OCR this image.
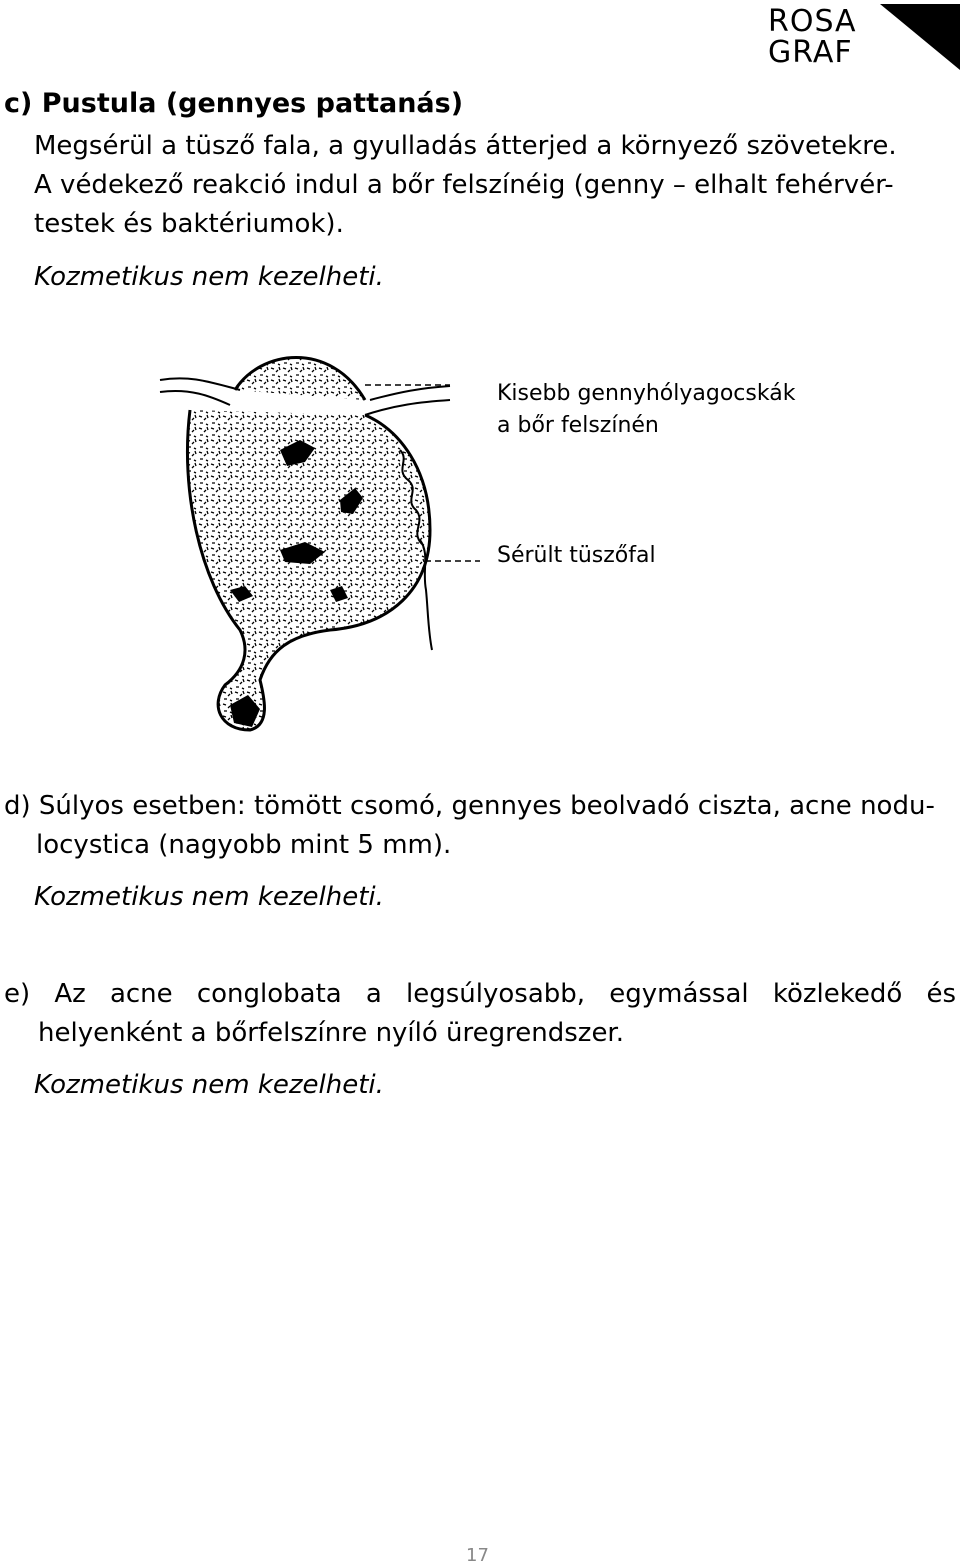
ROSA
GRAF
c) Pustula (gennyes pattanás)
Megsérül a tüsző fala, a gyulladás átterjed a környező szövetekre.
A védekező reakció indul a bőr felszínéig (genny – elhalt fehérvér-
testek és baktériumok).

Kozmetikus nem kezelheti.

Kisebb gennyhólyagocskák
a bőr felszínén
Sérült tüszőfal
d) Súlyos esetben: tömött csomó, gennyes beolvadó ciszta, acne nodu-
locystica (nagyobb mint 5 mm).

Kozmetikus nem kezelheti.

e) Az acne conglobata a legsúlyosabb, egymással közlekedő és
helyenként a bőrfelszínre nyíló üregrendszer.

Kozmetikus nem kezelheti.

17
